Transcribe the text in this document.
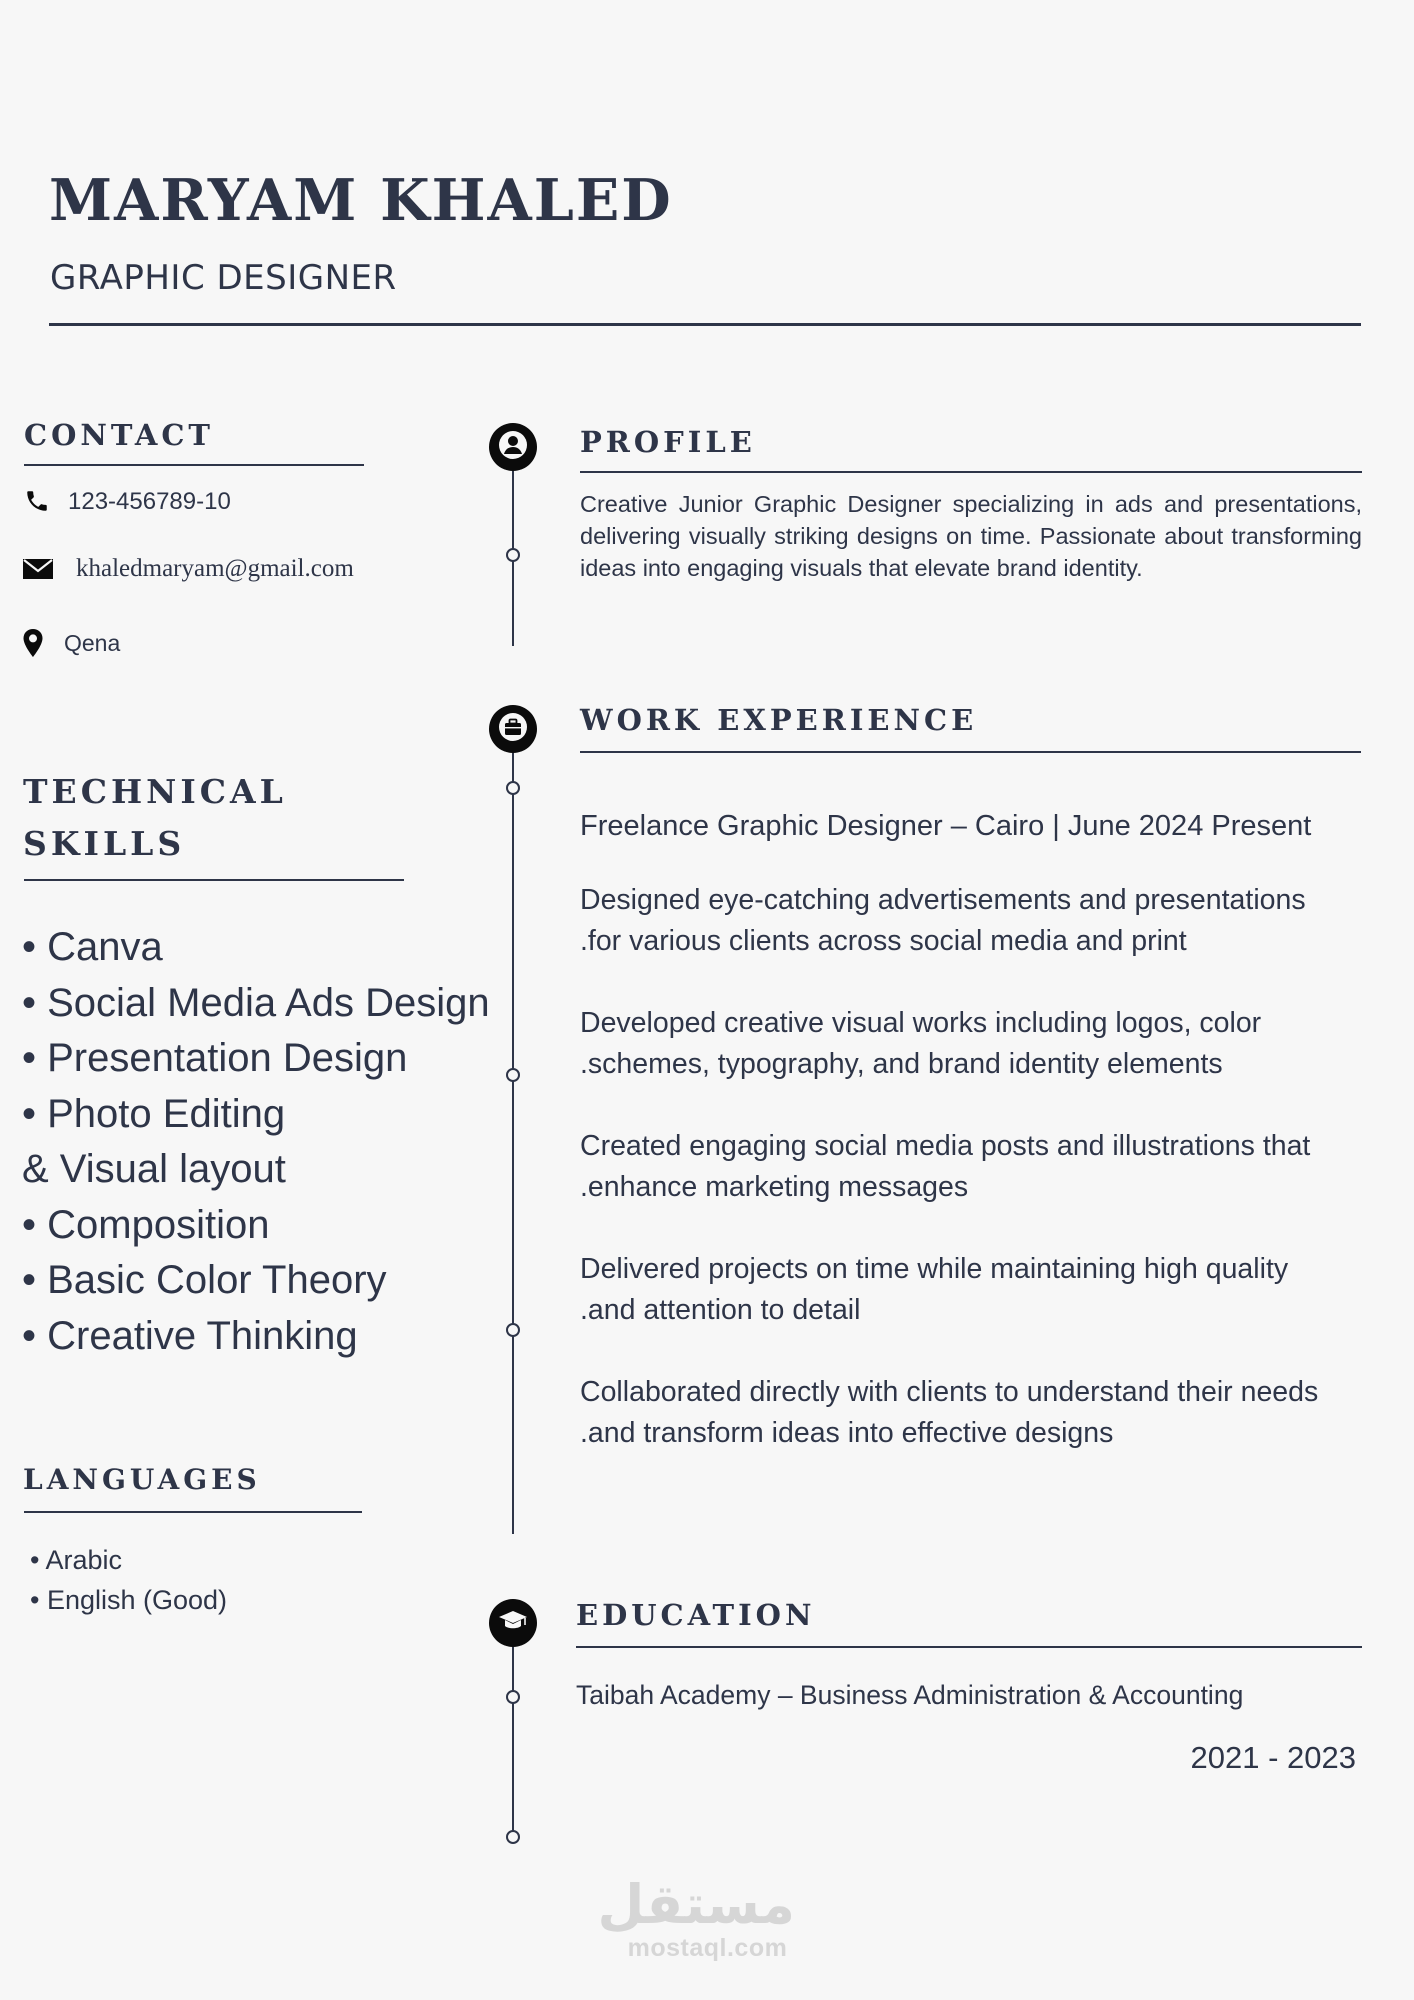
MARYAM KHALED
GRAPHIC DESIGNER
CONTACT
123-456789-10
khaledmaryam@gmail.com
Qena
TECHNICAL
SKILLS
• Canva
• Social Media Ads Design
• Presentation Design
• Photo Editing
& Visual layout
• Composition
• Basic Color Theory
• Creative Thinking
LANGUAGES
• Arabic
• English (Good)
PROFILE

Creative Junior Graphic Designer specializing in ads and presentations, delivering visually striking designs on time. Passionate about transforming ideas into engaging visuals that elevate brand identity.

WORK EXPERIENCE
Freelance Graphic Designer – Cairo | June 2024 Present
Designed eye-catching advertisements and presentations
.for various clients across social media and print
Developed creative visual works including logos, color
.schemes, typography, and brand identity elements
Created engaging social media posts and illustrations that
.enhance marketing messages
Delivered projects on time while maintaining high quality
.and attention to detail
Collaborated directly with clients to understand their needs
.and transform ideas into effective designs
EDUCATION
Taibah Academy – Business Administration & Accounting
2021 - 2023
مستقل
mostaql.com
